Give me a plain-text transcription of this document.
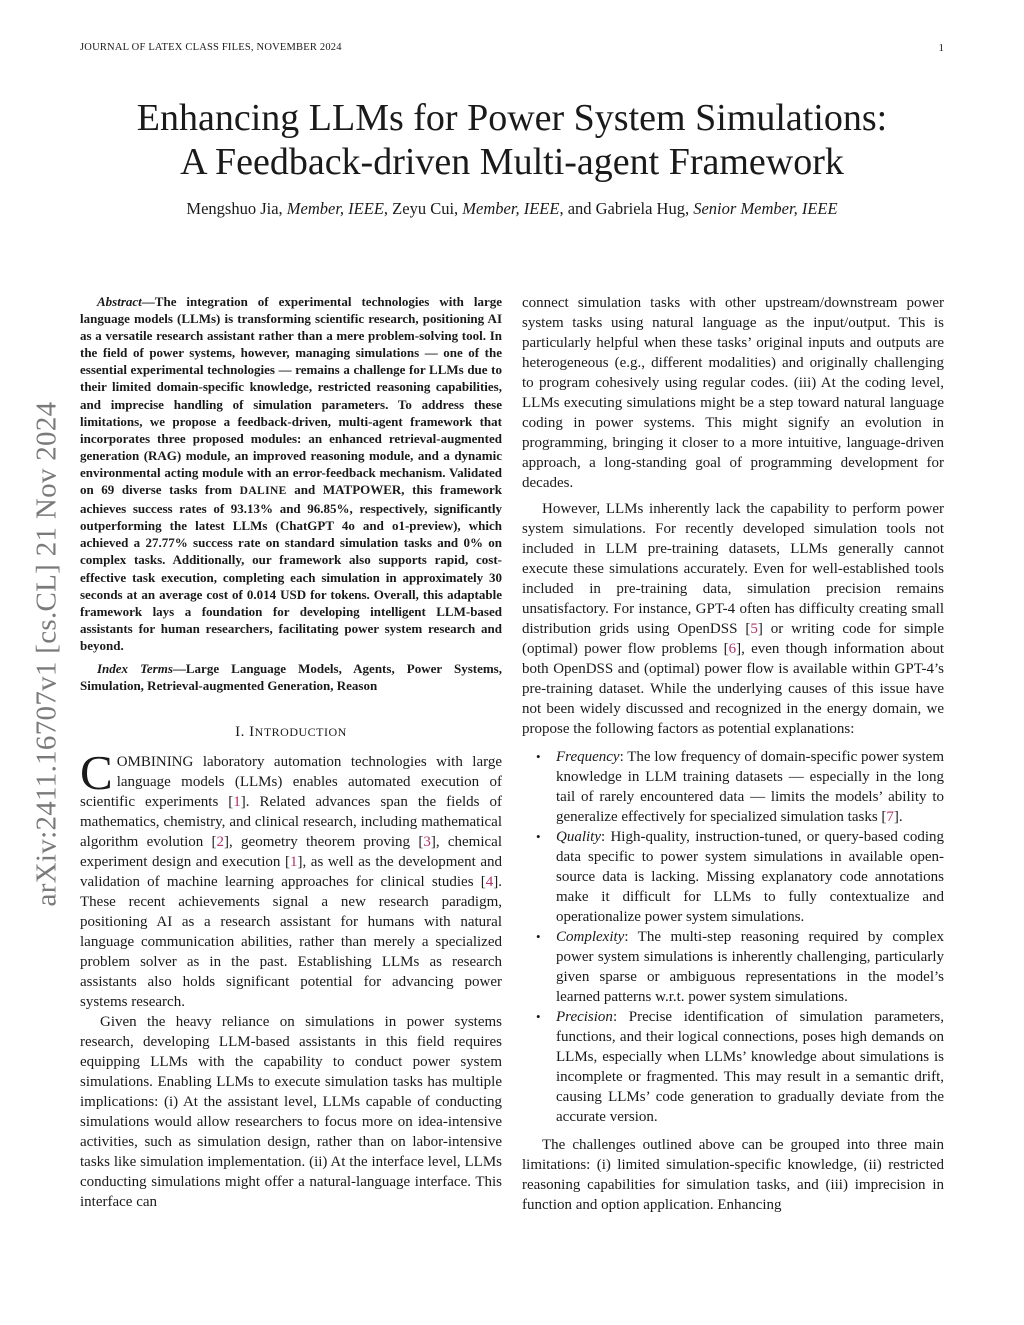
JOURNAL OF LATEX CLASS FILES, NOVEMBER 2024	1
arXiv:2411.16707v1 [cs.CL] 21 Nov 2024
Enhancing LLMs for Power System Simulations:
A Feedback-driven Multi-agent Framework
Mengshuo Jia, Member, IEEE, Zeyu Cui, Member, IEEE, and Gabriela Hug, Senior Member, IEEE

Abstract—The integration of experimental technologies with large language models (LLMs) is transforming scientific research, positioning AI as a versatile research assistant rather than a mere problem-solving tool. In the field of power systems, however, managing simulations — one of the essential experimental technologies — remains a challenge for LLMs due to their limited domain-specific knowledge, restricted reasoning capabilities, and imprecise handling of simulation parameters. To address these limitations, we propose a feedback-driven, multi-agent framework that incorporates three proposed modules: an enhanced retrieval-augmented generation (RAG) module, an improved reasoning module, and a dynamic environmental acting module with an error-feedback mechanism. Validated on 69 diverse tasks from DALINE and MATPOWER, this framework achieves success rates of 93.13% and 96.85%, respectively, significantly outperforming the latest LLMs (ChatGPT 4o and o1-preview), which achieved a 27.77% success rate on standard simulation tasks and 0% on complex tasks. Additionally, our framework also supports rapid, cost-effective task execution, completing each simulation in approximately 30 seconds at an average cost of 0.014 USD for tokens. Overall, this adaptable framework lays a foundation for developing intelligent LLM-based assistants for human researchers, facilitating power system research and beyond.

Index Terms—Large Language Models, Agents, Power Systems, Simulation, Retrieval-augmented Generation, Reason

I. INTRODUCTION

COMBINING laboratory automation technologies with large language models (LLMs) enables automated execution of scientific experiments [1]. Related advances span the fields of mathematics, chemistry, and clinical research, including mathematical algorithm evolution [2], geometry theorem proving [3], chemical experiment design and execution [1], as well as the development and validation of machine learning approaches for clinical studies [4]. These recent achievements signal a new research paradigm, positioning AI as a research assistant for humans with natural language communication abilities, rather than merely a specialized problem solver as in the past. Establishing LLMs as research assistants also holds significant potential for advancing power systems research.

Given the heavy reliance on simulations in power systems research, developing LLM-based assistants in this field requires equipping LLMs with the capability to conduct power system simulations. Enabling LLMs to execute simulation tasks has multiple implications: (i) At the assistant level, LLMs capable of conducting simulations would allow researchers to focus more on idea-intensive activities, such as simulation design, rather than on labor-intensive tasks like simulation implementation. (ii) At the interface level, LLMs conducting simulations might offer a natural-language interface. This interface can

connect simulation tasks with other upstream/downstream power system tasks using natural language as the input/output. This is particularly helpful when these tasks’ original inputs and outputs are heterogeneous (e.g., different modalities) and originally challenging to program cohesively using regular codes. (iii) At the coding level, LLMs executing simulations might be a step toward natural language coding in power systems. This might signify an evolution in programming, bringing it closer to a more intuitive, language-driven approach, a long-standing goal of programming development for decades.

However, LLMs inherently lack the capability to perform power system simulations. For recently developed simulation tools not included in LLM pre-training datasets, LLMs generally cannot execute these simulations accurately. Even for well-established tools included in pre-training data, simulation precision remains unsatisfactory. For instance, GPT-4 often has difficulty creating small distribution grids using OpenDSS [5] or writing code for simple (optimal) power flow problems [6], even though information about both OpenDSS and (optimal) power flow is available within GPT-4’s pre-training dataset. While the underlying causes of this issue have not been widely discussed and recognized in the energy domain, we propose the following factors as potential explanations:

• Frequency: The low frequency of domain-specific power system knowledge in LLM training datasets — especially in the long tail of rarely encountered data — limits the models’ ability to generalize effectively for specialized simulation tasks [7].
• Quality: High-quality, instruction-tuned, or query-based coding data specific to power system simulations in available open-source data is lacking. Missing explanatory code annotations make it difficult for LLMs to fully contextualize and operationalize power system simulations.
• Complexity: The multi-step reasoning required by complex power system simulations is inherently challenging, particularly given sparse or ambiguous representations in the model’s learned patterns w.r.t. power system simulations.
• Precision: Precise identification of simulation parameters, functions, and their logical connections, poses high demands on LLMs, especially when LLMs’ knowledge about simulations is incomplete or fragmented. This may result in a semantic drift, causing LLMs’ code generation to gradually deviate from the accurate version.

The challenges outlined above can be grouped into three main limitations: (i) limited simulation-specific knowledge, (ii) restricted reasoning capabilities for simulation tasks, and (iii) imprecision in function and option application. Enhancing
